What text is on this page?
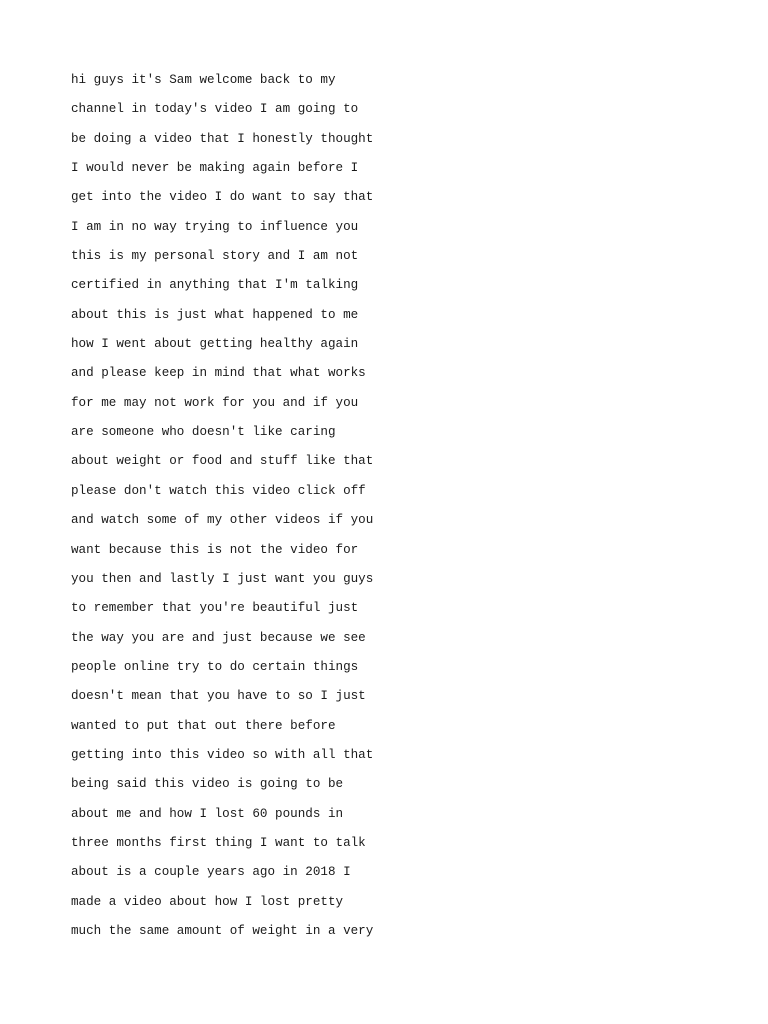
hi guys it's Sam welcome back to my
channel in today's video I am going to
be doing a video that I honestly thought
I would never be making again before I
get into the video I do want to say that
I am in no way trying to influence you
this is my personal story and I am not
certified in anything that I'm talking
about this is just what happened to me
how I went about getting healthy again
and please keep in mind that what works
for me may not work for you and if you
are someone who doesn't like caring
about weight or food and stuff like that
please don't watch this video click off
and watch some of my other videos if you
want because this is not the video for
you then and lastly I just want you guys
to remember that you're beautiful just
the way you are and just because we see
people online try to do certain things
doesn't mean that you have to so I just
wanted to put that out there before
getting into this video so with all that
being said this video is going to be
about me and how I lost 60 pounds in
three months first thing I want to talk
about is a couple years ago in 2018 I
made a video about how I lost pretty
much the same amount of weight in a very
